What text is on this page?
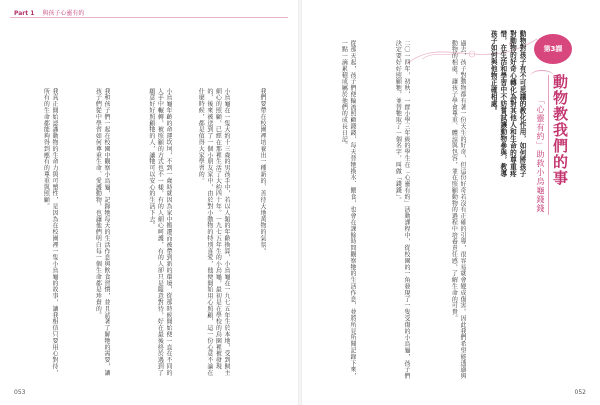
Part 1 與孩子心靈有約
我們要帶在校園裡培養出一種新的、善待大地萬物的氣氛。
小烏龜在一隻大約十三歲的男孩手中，若以人類的年齡換算，小烏龜在一九七五年生於本地，受到飼主細心的照顧，已經在那裡生活了大約四十年。一九七五年生的小烏龜，最初是在學校的鳥園裡被發現的，後來被送到了一個小朋友家中，由於對小動物的特別喜愛，他便開始用心照顧，這一份心意不論在什麼時候，都是值得大家學習的。
小烏龜年齡的命運坎坷，不到一歲時就因為家中搬遷而被帶到新的環境，從那時候開始便一直在不同的人手中輾轉，被照顧的方式也不一樣，有的人細心呵護，有的人卻只是隨意對待，好在最後終於遇到了願意好好照顧牠的人，讓牠可以安心的生活下去。
我和孩子們一起在校園中觀察小烏龜，記錄牠每天的生活作息與飲食習慣，並且試著了解牠的需要，讓孩子們從中學習如何尊重生命、愛護動物，也讓他們明白每一個生命都是珍貴的。
我真正開始認識動物的生命力與可塑性，是因為在校園裡一隻小烏龜的故事，讓我相信只要用心對待，所有的生命都能夠得到應有的尊重與照顧。
053
第3課
動物教我們的事
「心靈有約」助救小烏龜錢錢
動物對孩子有不可思議的教化作用，如何將孩子對動物的好奇心轉化為對其他人和生命的尊重疼惜，在生活和學習中不妨嘗試讓動物參與，教導孩子如何與他物正確相處。
過去，孩子對動物都有著一份天生的好奇，但這份好奇若沒有正確的引導，很容易就會變成傷害。因此我們希望能透過與動物的相處，讓孩子學會尊重、體諒與包容，並在照顧動物的過程中培養責任感，了解生命的可貴。
二〇一四年，初秋，一群小學三年級的學生在「心靈有約」活動課程中，從校園的一角發現了一隻受傷的小烏龜，孩子們決定要好好照顧牠，並替牠取了一個名字，叫做「錢錢」。
從那天起，孩子們便輪流照顧錢錢，每天替牠換水、餵食，也會在課餘時間觀察牠的生活作息，並將所見所聞記錄下來，一點一滴累積成屬於他們的成長日記。
052
